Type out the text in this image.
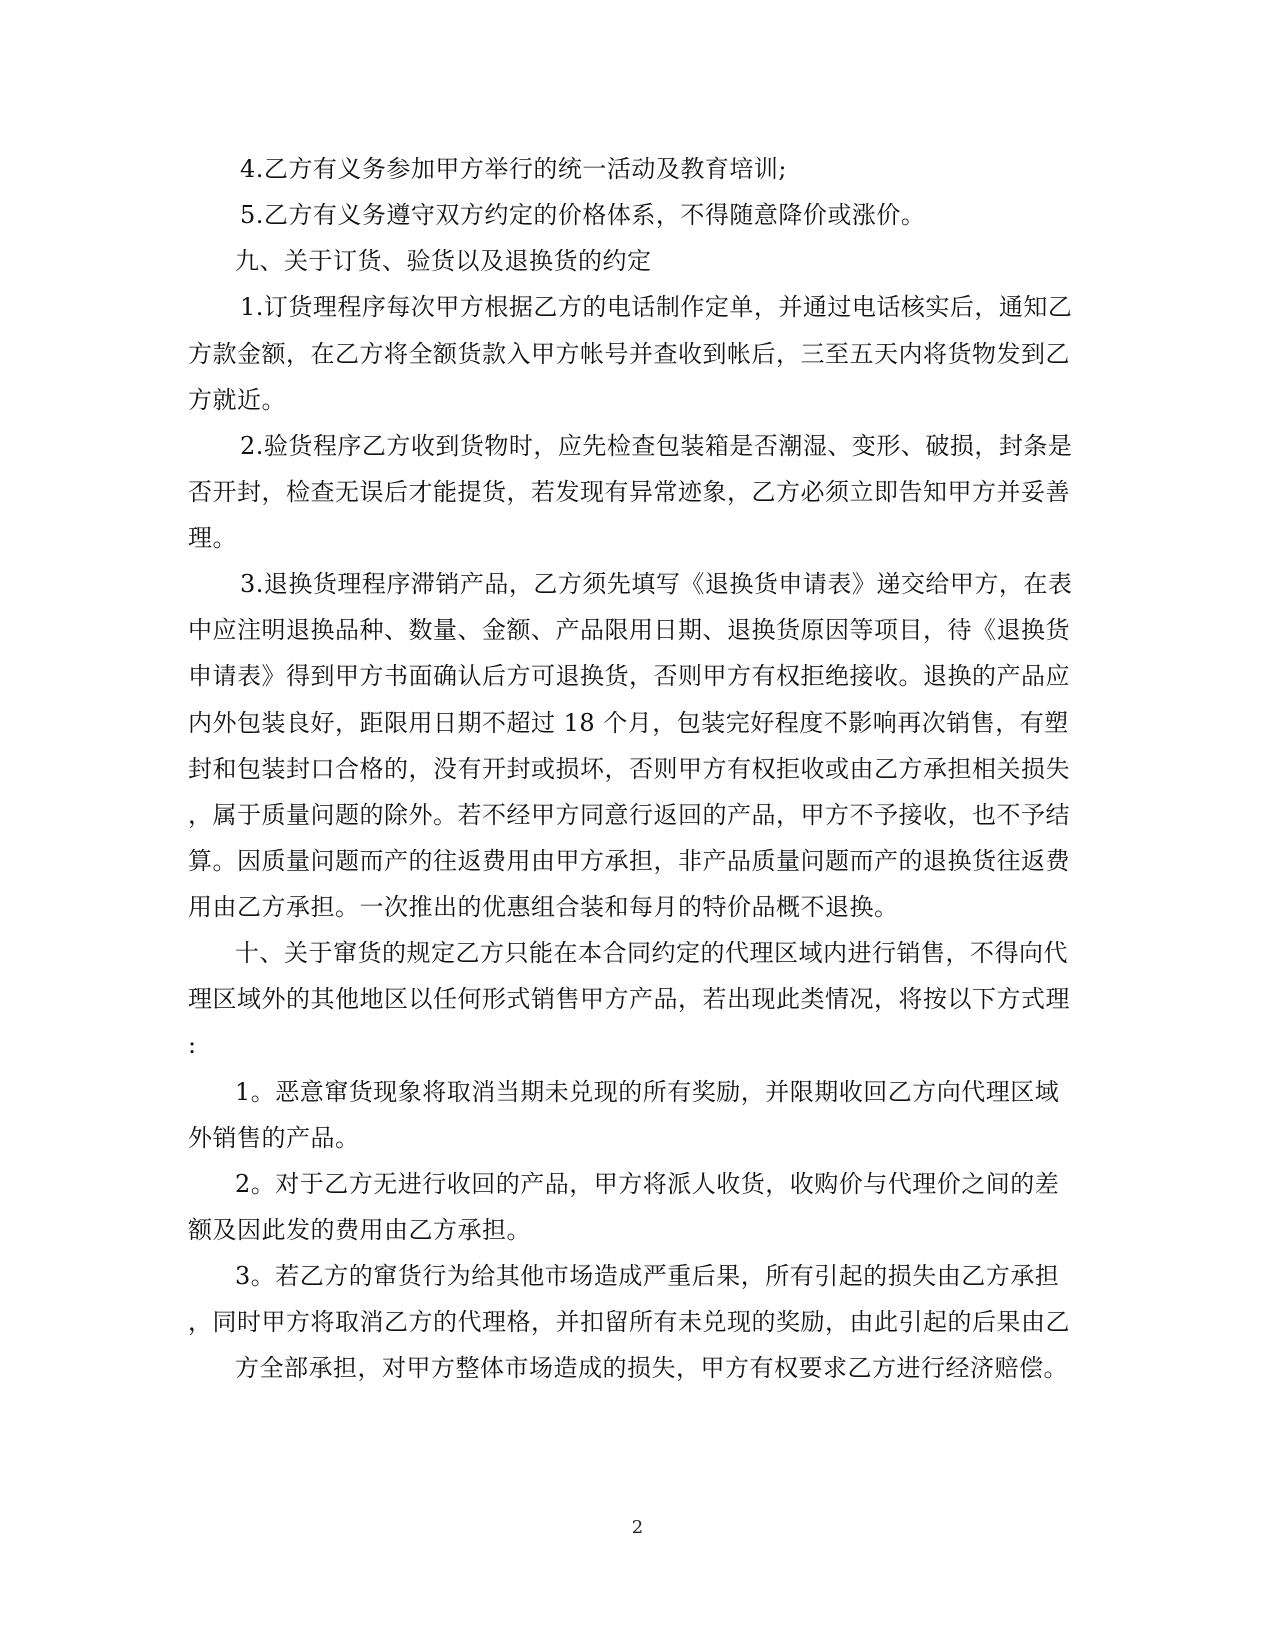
4.乙方有义务参加甲方举行的统一活动及教育培训;
5.乙方有义务遵守双方约定的价格体系，不得随意降价或涨价。
九、关于订货、验货以及退换货的约定
1.订货理程序每次甲方根据乙方的电话制作定单，并通过电话核实后，通知乙
方款金额，在乙方将全额货款入甲方帐号并查收到帐后，三至五天内将货物发到乙
方就近。
2.验货程序乙方收到货物时，应先检查包装箱是否潮湿、变形、破损，封条是
否开封，检查无误后才能提货，若发现有异常迹象，乙方必须立即告知甲方并妥善
理。
3.退换货理程序滞销产品，乙方须先填写《退换货申请表》递交给甲方，在表
中应注明退换品种、数量、金额、产品限用日期、退换货原因等项目，待《退换货
申请表》得到甲方书面确认后方可退换货，否则甲方有权拒绝接收。退换的产品应
内外包装良好，距限用日期不超过 18 个月，包装完好程度不影响再次销售，有塑
封和包装封口合格的，没有开封或损坏，否则甲方有权拒收或由乙方承担相关损失
，属于质量问题的除外。若不经甲方同意行返回的产品，甲方不予接收，也不予结
算。因质量问题而产的往返费用由甲方承担，非产品质量问题而产的退换货往返费
用由乙方承担。一次推出的优惠组合装和每月的特价品概不退换。
十、关于窜货的规定乙方只能在本合同约定的代理区域内进行销售，不得向代
理区域外的其他地区以任何形式销售甲方产品，若出现此类情况，将按以下方式理
:
1。恶意窜货现象将取消当期未兑现的所有奖励，并限期收回乙方向代理区域
外销售的产品。
2。对于乙方无进行收回的产品，甲方将派人收货，收购价与代理价之间的差
额及因此发的费用由乙方承担。
3。若乙方的窜货行为给其他市场造成严重后果，所有引起的损失由乙方承担
，同时甲方将取消乙方的代理格，并扣留所有未兑现的奖励，由此引起的后果由乙
方全部承担，对甲方整体市场造成的损失，甲方有权要求乙方进行经济赔偿。
2
